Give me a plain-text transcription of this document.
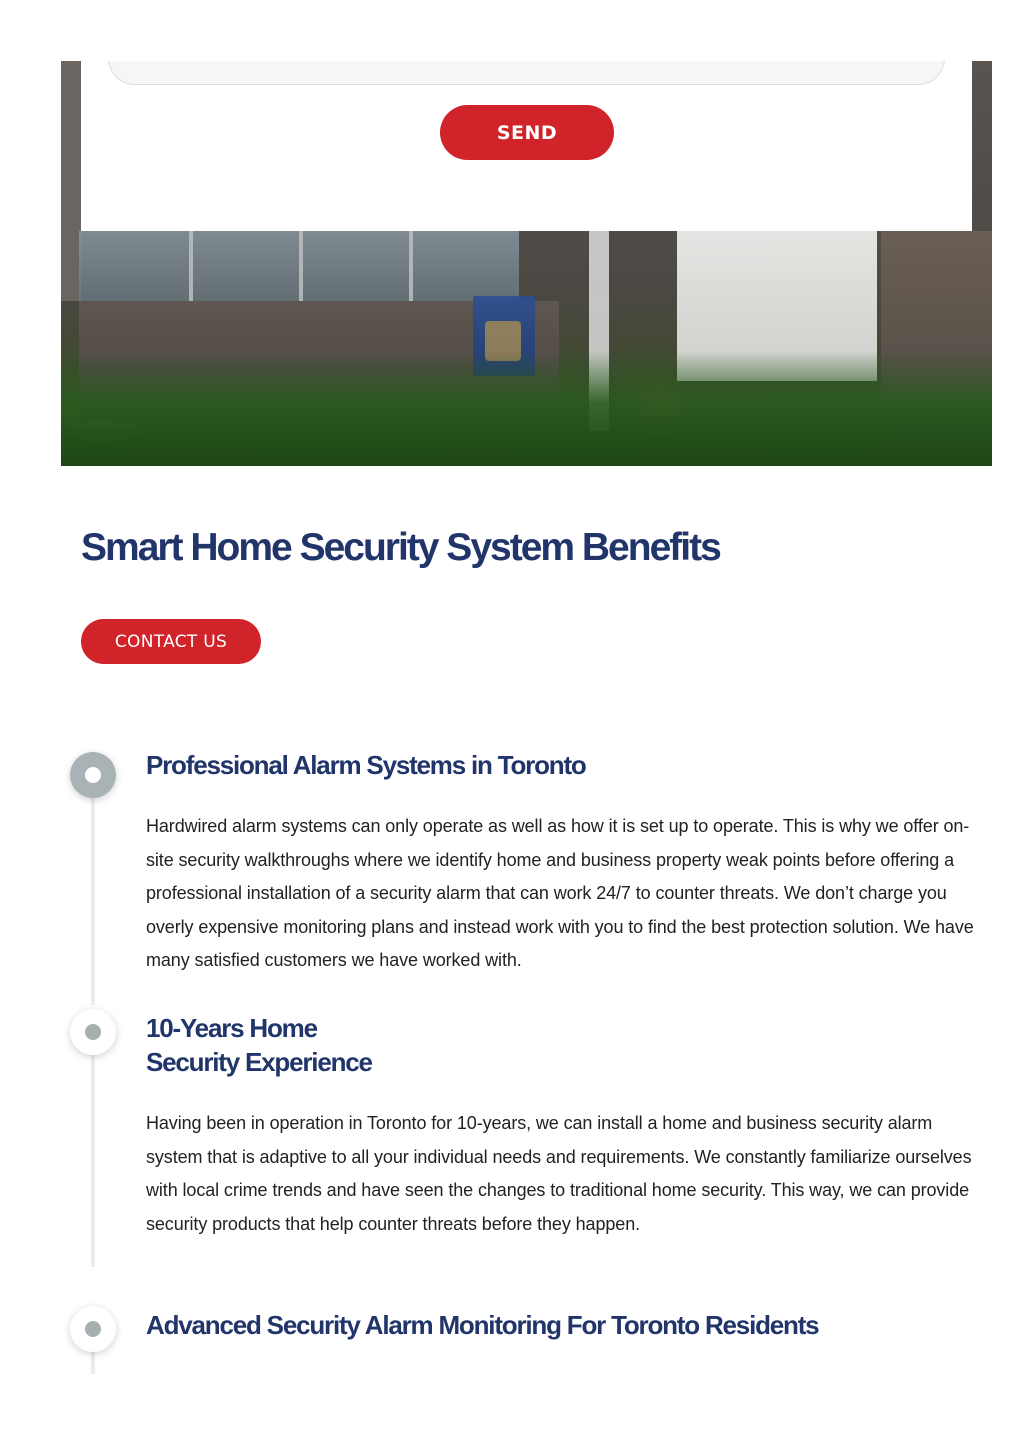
SEND
Smart Home Security System Benefits
CONTACT US
Professional Alarm Systems in Toronto

Hardwired alarm systems can only operate as well as how it is set up to operate. This is why we offer on-site security walkthroughs where we identify home and business property weak points before offering a professional installation of a security alarm that can work 24/7 to counter threats. We don’t charge you overly expensive monitoring plans and instead work with you to find the best protection solution. We have many satisfied customers we have worked with.

10-Years Home
Security Experience

Having been in operation in Toronto for 10-years, we can install a home and business security alarm system that is adaptive to all your individual needs and requirements. We constantly familiarize ourselves with local crime trends and have seen the changes to traditional home security. This way, we can provide security products that help counter threats before they happen.

Advanced Security Alarm Monitoring For Toronto Residents
